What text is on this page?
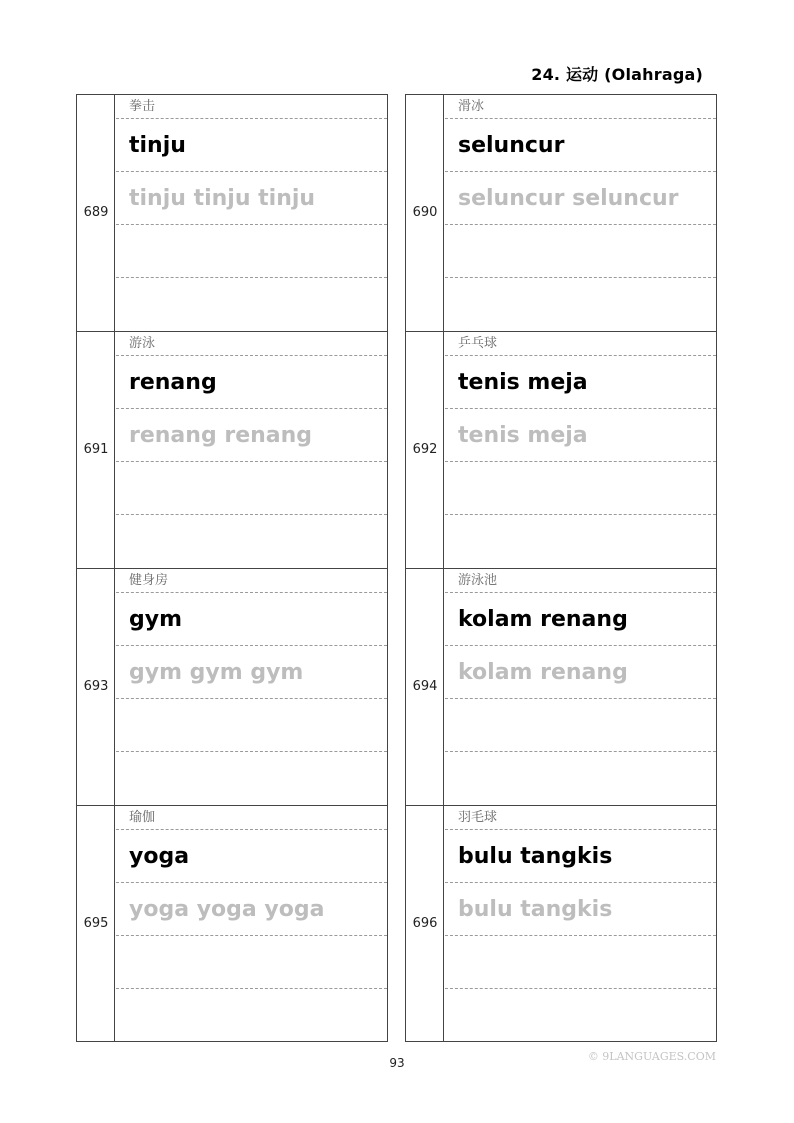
24. 运动 (Olahraga)
689
拳击
tinju
tinju tinju tinju
690
滑冰
seluncur
seluncur seluncur
691
游泳
renang
renang renang
692
乒乓球
tenis meja
tenis meja
693
健身房
gym
gym gym gym
694
游泳池
kolam renang
kolam renang
695
瑜伽
yoga
yoga yoga yoga
696
羽毛球
bulu tangkis
bulu tangkis
93	© 9LANGUAGES.COM
